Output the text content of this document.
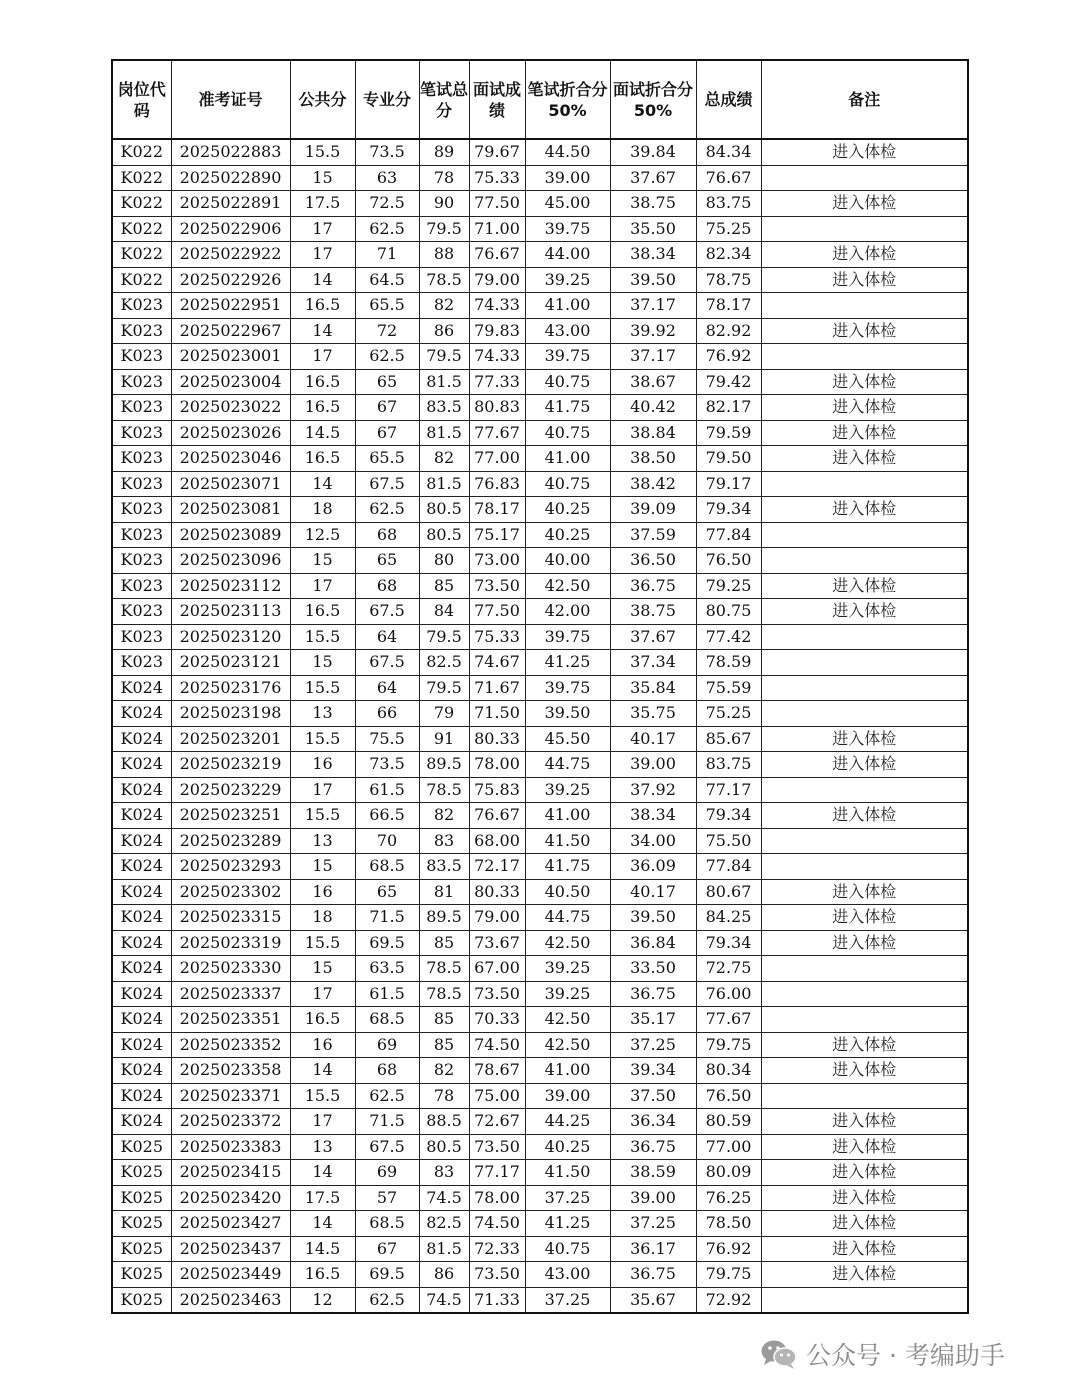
岗位代码	准考证号	公共分	专业分	笔试总分	面试成绩	笔试折合分50%	面试折合分50%	总成绩	备注
K022	2025022883	15.5	73.5	89	79.67	44.50	39.84	84.34	进入体检
K022	2025022890	15	63	78	75.33	39.00	37.67	76.67	
K022	2025022891	17.5	72.5	90	77.50	45.00	38.75	83.75	进入体检
K022	2025022906	17	62.5	79.5	71.00	39.75	35.50	75.25	
K022	2025022922	17	71	88	76.67	44.00	38.34	82.34	进入体检
K022	2025022926	14	64.5	78.5	79.00	39.25	39.50	78.75	进入体检
K023	2025022951	16.5	65.5	82	74.33	41.00	37.17	78.17	
K023	2025022967	14	72	86	79.83	43.00	39.92	82.92	进入体检
K023	2025023001	17	62.5	79.5	74.33	39.75	37.17	76.92	
K023	2025023004	16.5	65	81.5	77.33	40.75	38.67	79.42	进入体检
K023	2025023022	16.5	67	83.5	80.83	41.75	40.42	82.17	进入体检
K023	2025023026	14.5	67	81.5	77.67	40.75	38.84	79.59	进入体检
K023	2025023046	16.5	65.5	82	77.00	41.00	38.50	79.50	进入体检
K023	2025023071	14	67.5	81.5	76.83	40.75	38.42	79.17	
K023	2025023081	18	62.5	80.5	78.17	40.25	39.09	79.34	进入体检
K023	2025023089	12.5	68	80.5	75.17	40.25	37.59	77.84	
K023	2025023096	15	65	80	73.00	40.00	36.50	76.50	
K023	2025023112	17	68	85	73.50	42.50	36.75	79.25	进入体检
K023	2025023113	16.5	67.5	84	77.50	42.00	38.75	80.75	进入体检
K023	2025023120	15.5	64	79.5	75.33	39.75	37.67	77.42	
K023	2025023121	15	67.5	82.5	74.67	41.25	37.34	78.59	
K024	2025023176	15.5	64	79.5	71.67	39.75	35.84	75.59	
K024	2025023198	13	66	79	71.50	39.50	35.75	75.25	
K024	2025023201	15.5	75.5	91	80.33	45.50	40.17	85.67	进入体检
K024	2025023219	16	73.5	89.5	78.00	44.75	39.00	83.75	进入体检
K024	2025023229	17	61.5	78.5	75.83	39.25	37.92	77.17	
K024	2025023251	15.5	66.5	82	76.67	41.00	38.34	79.34	进入体检
K024	2025023289	13	70	83	68.00	41.50	34.00	75.50	
K024	2025023293	15	68.5	83.5	72.17	41.75	36.09	77.84	
K024	2025023302	16	65	81	80.33	40.50	40.17	80.67	进入体检
K024	2025023315	18	71.5	89.5	79.00	44.75	39.50	84.25	进入体检
K024	2025023319	15.5	69.5	85	73.67	42.50	36.84	79.34	进入体检
K024	2025023330	15	63.5	78.5	67.00	39.25	33.50	72.75	
K024	2025023337	17	61.5	78.5	73.50	39.25	36.75	76.00	
K024	2025023351	16.5	68.5	85	70.33	42.50	35.17	77.67	
K024	2025023352	16	69	85	74.50	42.50	37.25	79.75	进入体检
K024	2025023358	14	68	82	78.67	41.00	39.34	80.34	进入体检
K024	2025023371	15.5	62.5	78	75.00	39.00	37.50	76.50	
K024	2025023372	17	71.5	88.5	72.67	44.25	36.34	80.59	进入体检
K025	2025023383	13	67.5	80.5	73.50	40.25	36.75	77.00	进入体检
K025	2025023415	14	69	83	77.17	41.50	38.59	80.09	进入体检
K025	2025023420	17.5	57	74.5	78.00	37.25	39.00	76.25	进入体检
K025	2025023427	14	68.5	82.5	74.50	41.25	37.25	78.50	进入体检
K025	2025023437	14.5	67	81.5	72.33	40.75	36.17	76.92	进入体检
K025	2025023449	16.5	69.5	86	73.50	43.00	36.75	79.75	进入体检
K025	2025023463	12	62.5	74.5	71.33	37.25	35.67	72.92	
公众号 · 考编助手
